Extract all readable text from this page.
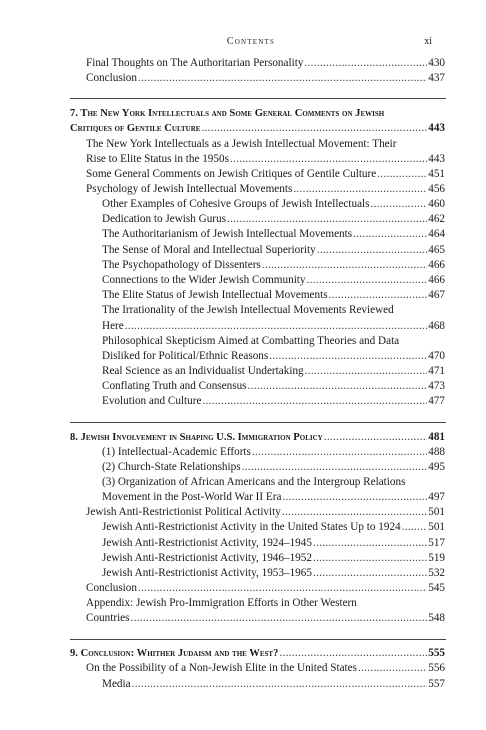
Contents	xi
Final Thoughts on The Authoritarian Personality .....	430
Conclusion .....	437
7. The New York Intellectuals and Some General Comments on Jewish
Critiques of Gentile Culture .....	443
The New York Intellectuals as a Jewish Intellectual Movement: Their
Rise to Elite Status in the 1950s .....	443
Some General Comments on Jewish Critiques of Gentile Culture .....	451
Psychology of Jewish Intellectual Movements .....	456
Other Examples of Cohesive Groups of Jewish Intellectuals .....	460
Dedication to Jewish Gurus .....	462
The Authoritarianism of Jewish Intellectual Movements .....	464
The Sense of Moral and Intellectual Superiority .....	465
The Psychopathology of Dissenters .....	466
Connections to the Wider Jewish Community .....	466
The Elite Status of Jewish Intellectual Movements .....	467
The Irrationality of the Jewish Intellectual Movements Reviewed
Here .....	468
Philosophical Skepticism Aimed at Combatting Theories and Data
Disliked for Political/Ethnic Reasons .....	470
Real Science as an Individualist Undertaking .....	471
Conflating Truth and Consensus .....	473
Evolution and Culture .....	477
8. Jewish Involvement in Shaping U.S. Immigration Policy .....	481
(1) Intellectual-Academic Efforts .....	488
(2) Church-State Relationships .....	495
(3) Organization of African Americans and the Intergroup Relations
Movement in the Post-World War II Era .....	497
Jewish Anti-Restrictionist Political Activity .....	501
Jewish Anti-Restrictionist Activity in the United States Up to 1924 ..... 501
Jewish Anti-Restrictionist Activity, 1924–1945 .....	517
Jewish Anti-Restrictionist Activity, 1946–1952 .....	519
Jewish Anti-Restrictionist Activity, 1953–1965 .....	532
Conclusion .....	545
Appendix: Jewish Pro-Immigration Efforts in Other Western
Countries .....	548
9. Conclusion: Whither Judaism and the West? .....	555
On the Possibility of a Non-Jewish Elite in the United States .....	556
Media .....	557
